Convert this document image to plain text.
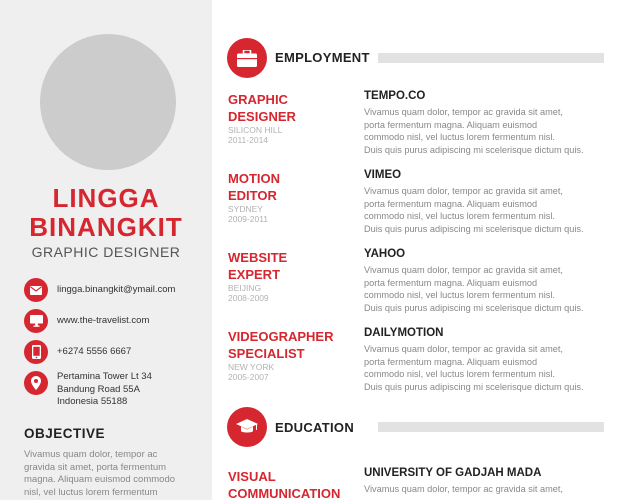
LINGGA
BINANGKIT
GRAPHIC DESIGNER
lingga.binangkit@ymail.com
www.the-travelist.com
+6274 5556 6667
Pertamina Tower Lt 34
Bandung Road 55A
Indonesia 55188
OBJECTIVE
Vivamus quam dolor, tempor ac
gravida sit amet, porta fermentum
magna. Aliquam euismod commodo
nisl, vel luctus lorem fermentum
EMPLOYMENT
GRAPHIC
DESIGNER
SILICON HILL
2011-2014
TEMPO.CO
Vivamus quam dolor, tempor ac gravida sit amet,
porta fermentum magna. Aliquam euismod
commodo nisl, vel luctus lorem fermentum nisl.
Duis quis purus adipiscing mi scelerisque dictum quis.
MOTION
EDITOR
SYDNEY
2009-2011
VIMEO
Vivamus quam dolor, tempor ac gravida sit amet,
porta fermentum magna. Aliquam euismod
commodo nisl, vel luctus lorem fermentum nisl.
Duis quis purus adipiscing mi scelerisque dictum quis.
WEBSITE
EXPERT
BEIJING
2008-2009
YAHOO
Vivamus quam dolor, tempor ac gravida sit amet,
porta fermentum magna. Aliquam euismod
commodo nisl, vel luctus lorem fermentum nisl.
Duis quis purus adipiscing mi scelerisque dictum quis.
VIDEOGRAPHER
SPECIALIST
NEW YORK
2005-2007
DAILYMOTION
Vivamus quam dolor, tempor ac gravida sit amet,
porta fermentum magna. Aliquam euismod
commodo nisl, vel luctus lorem fermentum nisl.
Duis quis purus adipiscing mi scelerisque dictum quis.
EDUCATION
VISUAL
COMMUNICATION
UNIVERSITY OF GADJAH MADA
Vivamus quam dolor, tempor ac gravida sit amet,
